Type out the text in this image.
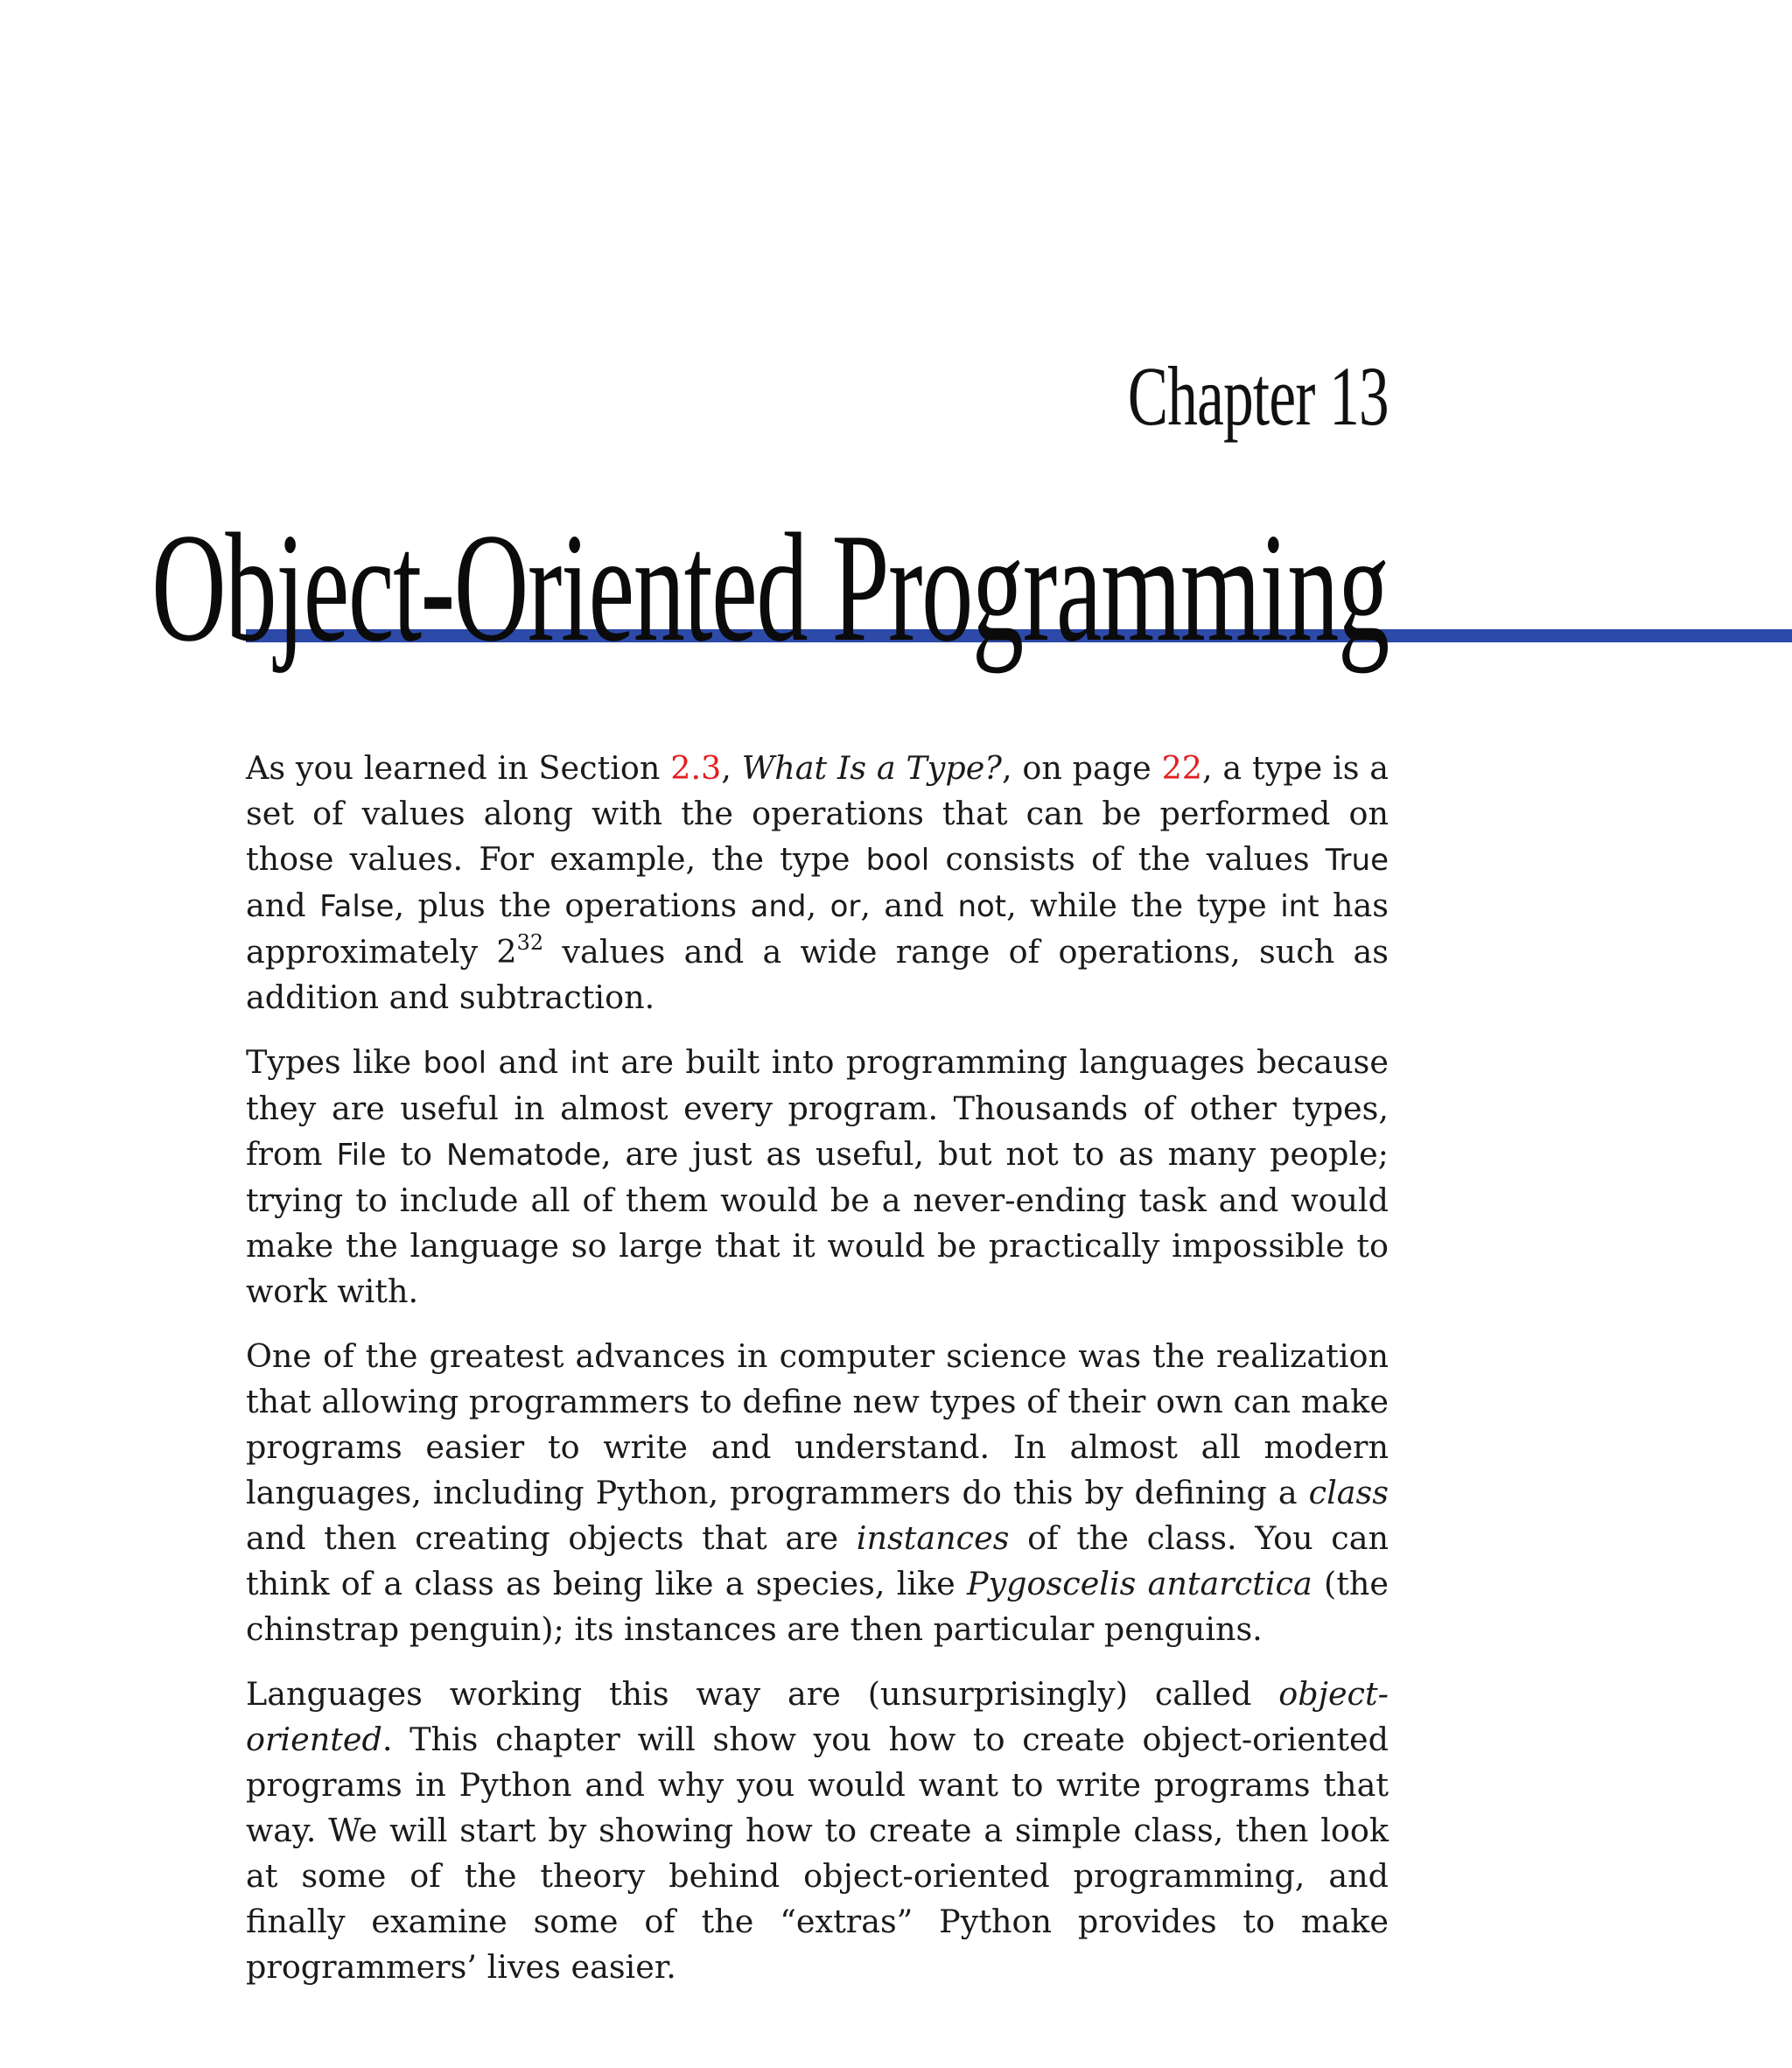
Chapter 13
Object-Oriented Programming

As you learned in Section 2.3, What Is a Type?, on page 22, a type is a set of values along with the operations that can be performed on those values. For example, the type bool consists of the values True and False, plus the operations and, or, and not, while the type int has approximately $2^{32}$ values and a wide range of operations, such as addition and subtraction.

Types like bool and int are built into programming languages because they are useful in almost every program. Thousands of other types, from File to Nematode, are just as useful, but not to as many people; trying to include all of them would be a never-ending task and would make the language so large that it would be practically impossible to work with.

One of the greatest advances in computer science was the realization that allowing programmers to define new types of their own can make programs easier to write and understand. In almost all modern languages, including Python, programmers do this by defining a class and then creating objects that are instances of the class. You can think of a class as being like a species, like Pygoscelis antarctica (the chinstrap penguin); its instances are then particular penguins.

Languages working this way are (unsurprisingly) called object-oriented. This chapter will show you how to create object-oriented programs in Python and why you would want to write programs that way. We will start by showing how to create a simple class, then look at some of the theory behind object-oriented programming, and finally examine some of the “extras” Python provides to make programmers’ lives easier.
